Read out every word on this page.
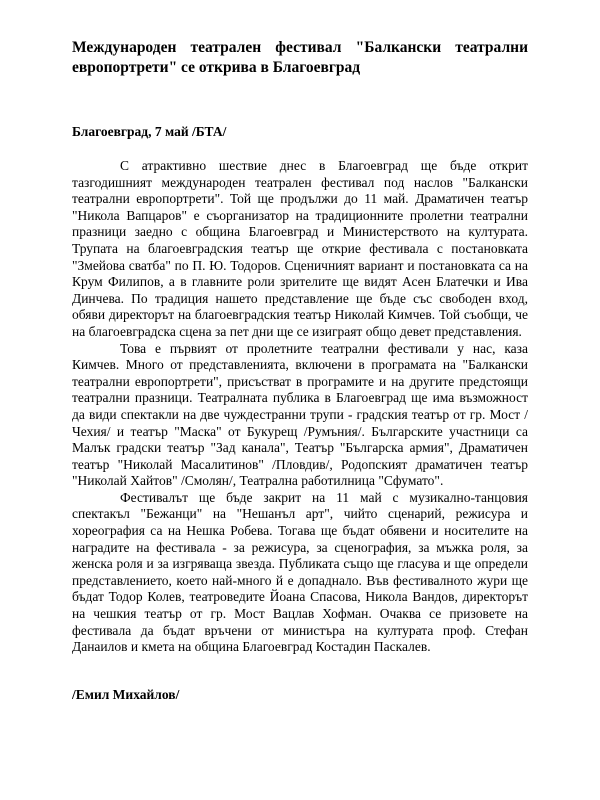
Международен театрален фестивал "Балкански театрални европортрети" се открива в Благоевград

Благоевград, 7 май /БТА/

С атрактивно шествие днес в Благоевград ще бъде открит тазгодишният международен театрален фестивал под наслов "Балкански театрални европортрети". Той ще продължи до 11 май. Драматичен театър "Никола Вапцаров" е съорганизатор на традиционните пролетни театрални празници заедно с община Благоевград и Министерството на културата. Трупата на благоевградския театър ще открие фестивала с постановката "Змейова сватба" по П. Ю. Тодоров. Сценичният вариант и постановката са на Крум Филипов, а в главните роли зрителите ще видят Асен Блатечки и Ива Динчева. По традиция нашето представление ще бъде със свободен вход, обяви директорът на благоевградския театър Николай Кимчев. Той съобщи, че на благоевградска сцена за пет дни ще се изиграят общо девет представления.

Това е първият от пролетните театрални фестивали у нас, каза Кимчев. Много от представленията, включени в програмата на "Балкански театрални европортрети", присъстват в програмите и на другите предстоящи театрални празници. Театралната публика в Благоевград ще има възможност да види спектакли на две чуждестранни трупи - градския театър от гр. Мост /Чехия/ и театър "Маска" от Букурещ /Румъния/. Българските участници са Малък градски театър "Зад канала", Театър "Българска армия", Драматичен театър "Николай Масалитинов" /Пловдив/, Родопският драматичен театър "Николай Хайтов" /Смолян/, Театрална работилница "Сфумато".

Фестивалът ще бъде закрит на 11 май с музикално-танцовия спектакъл "Бежанци" на "Нешанъл арт", чийто сценарий, режисура и хореография са на Нешка Робева. Тогава ще бъдат обявени и носителите на наградите на фестивала - за режисура, за сценография, за мъжка роля, за женска роля и за изгряваща звезда. Публиката също ще гласува и ще определи представлението, което най-много й е допаднало. Във фестивалното жури ще бъдат Тодор Колев, театроведите Йоана Спасова, Никола Вандов, директорът на чешкия театър от гр. Мост Вацлав Хофман. Очаква се призовете на фестивала да бъдат връчени от министъра на културата проф. Стефан Данаилов и кмета на община Благоевград Костадин Паскалев.

/Емил Михайлов/
